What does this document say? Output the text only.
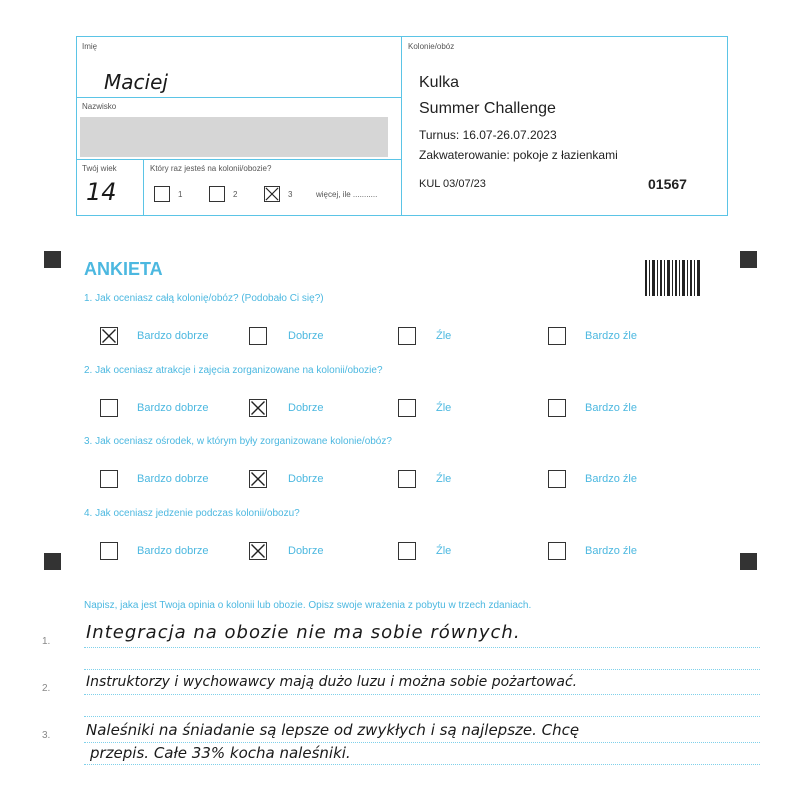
Imię
Maciej
Nazwisko
Twój wiek
14
Który raz jesteś na kolonii/obozie?
1	2	3	więcej, ile ...........
Kolonie/obóz
Kulka
Summer Challenge
Turnus: 16.07-26.07.2023
Zakwaterowanie: pokoje z łazienkami
KUL 03/07/23	01567
ANKIETA
1. Jak oceniasz całą kolonię/obóz? (Podobało Ci się?)
Bardzo dobrze	Dobrze	Źle	Bardzo źle
2. Jak oceniasz atrakcje i zajęcia zorganizowane na kolonii/obozie?
Bardzo dobrze	Dobrze	Źle	Bardzo źle
3. Jak oceniasz ośrodek, w którym były zorganizowane kolonie/obóz?
Bardzo dobrze	Dobrze	Źle	Bardzo źle
4. Jak oceniasz jedzenie podczas kolonii/obozu?
Bardzo dobrze	Dobrze	Źle	Bardzo źle
Napisz, jaka jest Twoja opinia o kolonii lub obozie. Opisz swoje wrażenia z pobytu w trzech zdaniach.
1.
2.
3.
Integracja na obozie nie ma sobie równych.
Instruktorzy i wychowawcy mają dużo luzu i można sobie pożartować.
Naleśniki na śniadanie są lepsze od zwykłych i są najlepsze. Chcę
przepis. Całe 33% kocha naleśniki.
